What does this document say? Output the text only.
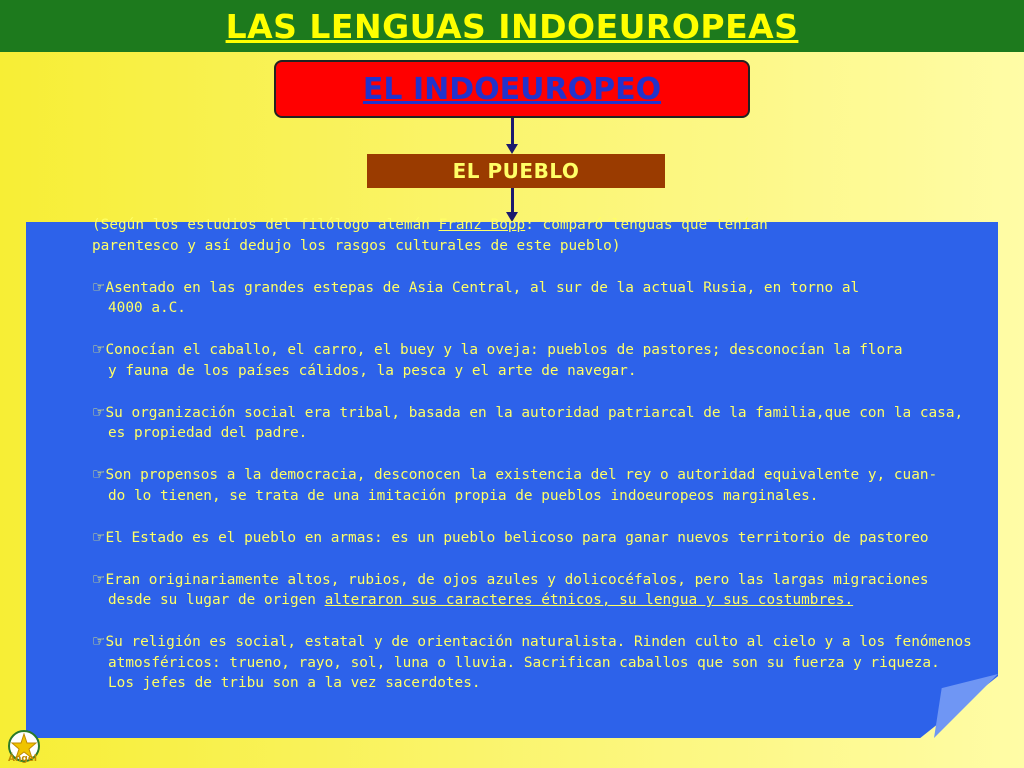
LAS LENGUAS INDOEUROPEAS
EL INDOEUROPEO
EL PUEBLO

(Según los estudios del filólogo alemán Franz Bopp: comparó lenguas que tenían
parentesco y así dedujo los rasgos culturales de este pueblo)

☞Asentado en las grandes estepas de Asia Central, al sur de la actual Rusia, en torno al
4000 a.C.

☞Conocían el caballo, el carro, el buey y la oveja: pueblos de pastores; desconocían la flora
y fauna de los países cálidos, la pesca y el arte de navegar.

☞Su organización social era tribal, basada en la autoridad patriarcal de la familia,que con la casa,
es propiedad del padre.

☞Son propensos a la democracia, desconocen la existencia del rey o autoridad equivalente y, cuan-
do lo tienen, se trata de una imitación propia de pueblos indoeuropeos marginales.

☞El Estado es el pueblo en armas: es un pueblo belicoso para ganar nuevos territorio de pastoreo

☞Eran originariamente altos, rubios, de ojos azules y dolicocéfalos, pero las largas migraciones
desde su lugar de origen alteraron sus caracteres étnicos, su lengua y sus costumbres.

☞Su religión es social, estatal y de orientación naturalista. Rinden culto al cielo y a los fenómenos
atmosféricos: trueno, rayo, sol, luna o lluvia. Sacrifican caballos que son su fuerza y riqueza.
Los jefes de tribu son a la vez sacerdotes.

Ángel
